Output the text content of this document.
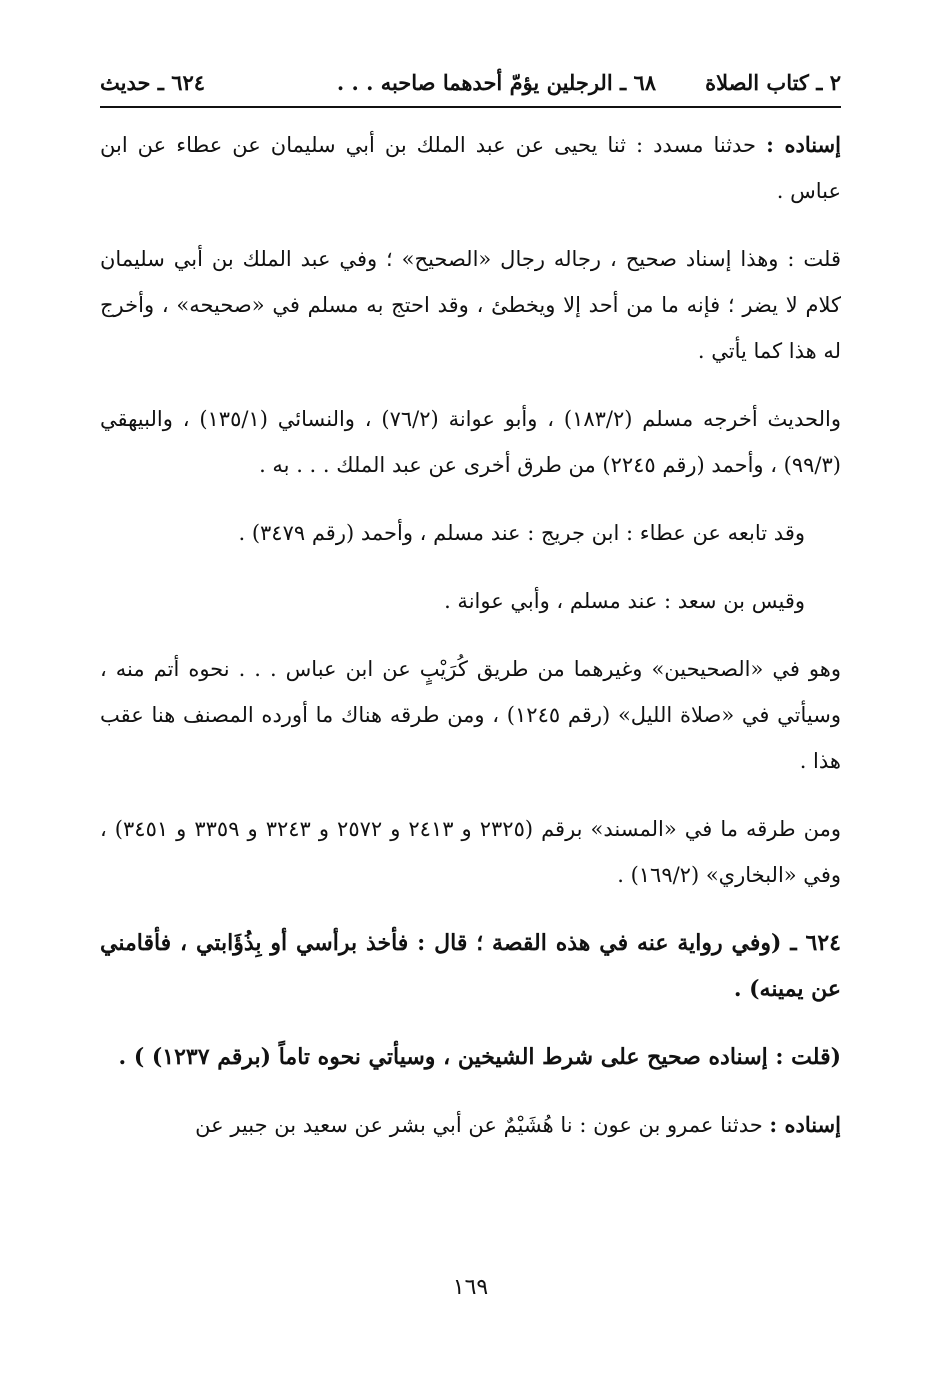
٢ ـ كتاب الصلاة
٦٨ ـ الرجلين يؤمّ أحدهما صاحبه . . .
٦٢٤ ـ حديث

إسناده : حدثنا مسدد : ثنا يحيى عن عبد الملك بن أبي سليمان عن عطاء عن ابن عباس .

قلت : وهذا إسناد صحيح ، رجاله رجال «الصحيح» ؛ وفي عبد الملك بن أبي سليمان كلام لا يضر ؛ فإنه ما من أحد إلا ويخطئ ، وقد احتج به مسلم في «صحيحه» ، وأخرج له هذا كما يأتي .

والحديث أخرجه مسلم (١٨٣/٢) ، وأبو عوانة (٧٦/٢) ، والنسائي (١٣٥/١) ، والبيهقي (٩٩/٣) ، وأحمد (رقم ٢٢٤٥) من طرق أخرى عن عبد الملك . . . به .

وقد تابعه عن عطاء : ابن جريج : عند مسلم ، وأحمد (رقم ٣٤٧٩) .

وقيس بن سعد : عند مسلم ، وأبي عوانة .

وهو في «الصحيحين» وغيرهما من طريق كُرَيْبٍ عن ابن عباس . . . نحوه أتم منه ، وسيأتي في «صلاة الليل» (رقم ١٢٤٥) ، ومن طرقه هناك ما أورده المصنف هنا عقب هذا .

ومن طرقه ما في «المسند» برقم (٢٣٢٥ و ٢٤١٣ و ٢٥٧٢ و ٣٢٤٣ و ٣٣٥٩ و ٣٤٥١) ، وفي «البخاري» (١٦٩/٢) .

٦٢٤ ـ (وفي رواية عنه في هذه القصة ؛ قال : فأخذ برأسي أو بِذُؤَابتي ، فأقامني عن يمينه) .

(قلت : إسناده صحيح على شرط الشيخين ، وسيأتي نحوه تاماً (برقم ١٢٣٧) ) .

إسناده : حدثنا عمرو بن عون : نا هُشَيْمٌ عن أبي بشر عن سعيد بن جبير عن

١٦٩
